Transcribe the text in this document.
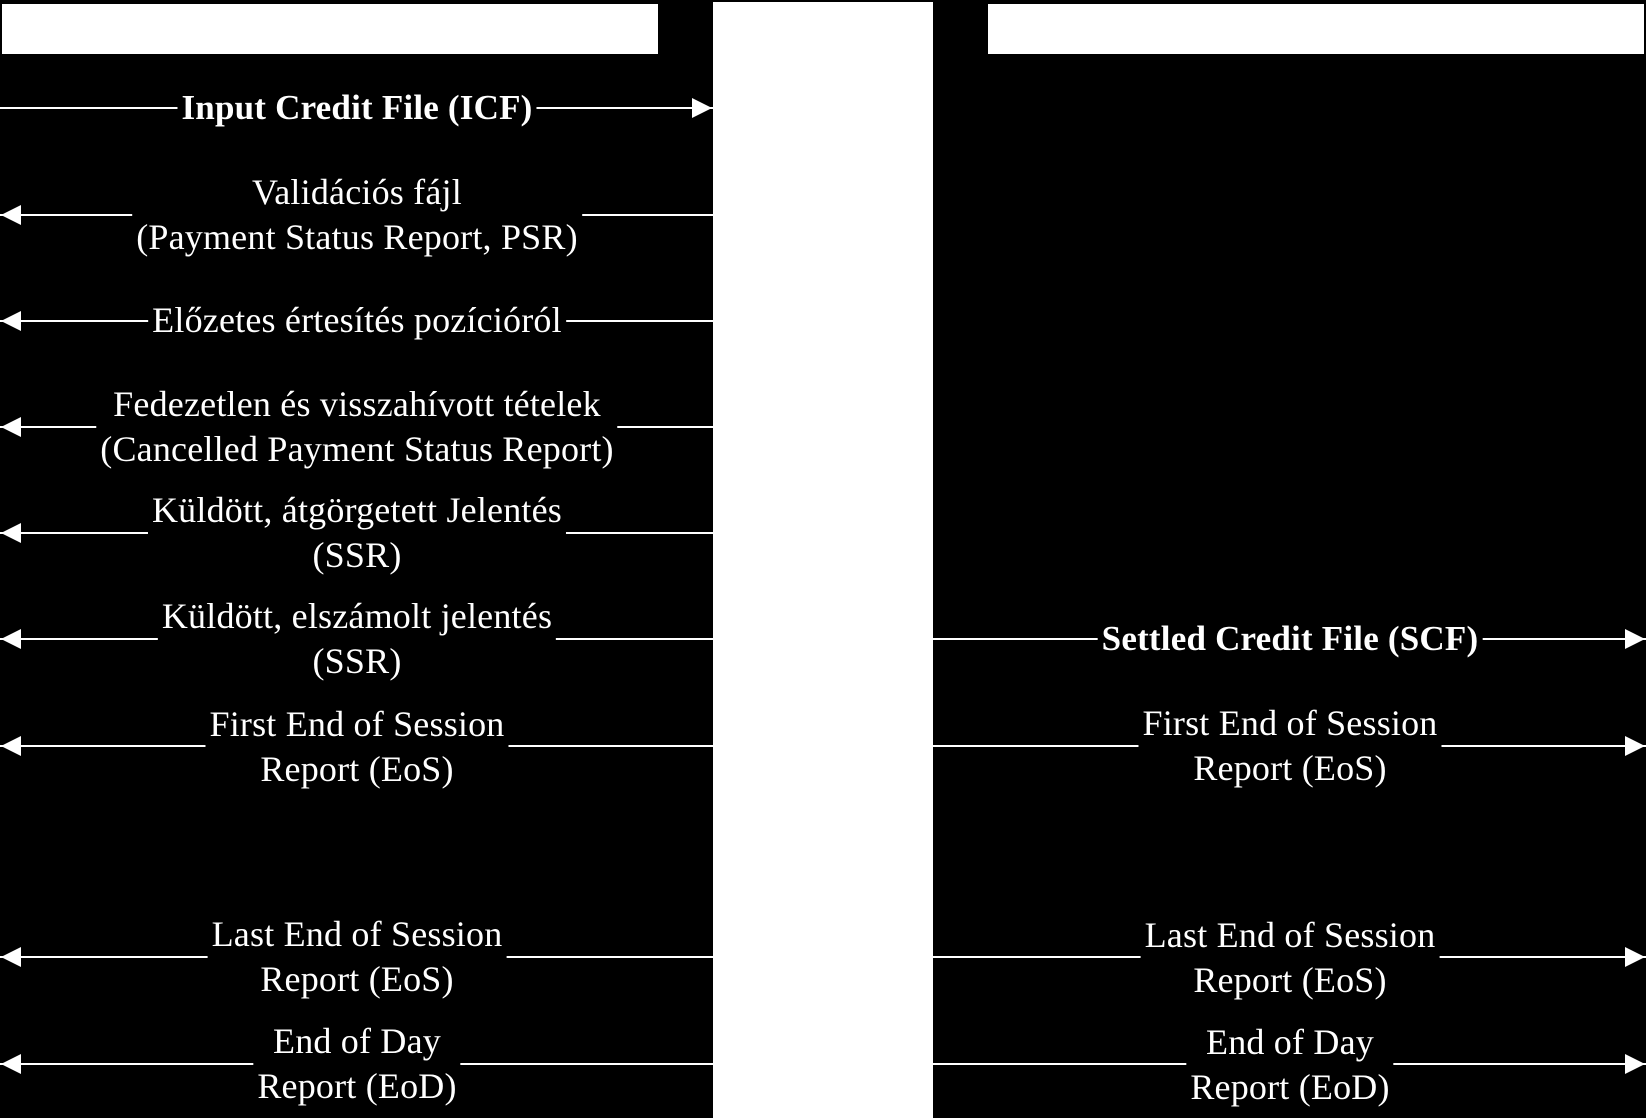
Input Credit File (ICF)
Validációs fájl
(Payment Status Report, PSR)
Előzetes értesítés pozícióról
Fedezetlen és visszahívott tételek
(Cancelled Payment Status Report)
Küldött, átgörgetett Jelentés
(SSR)
Küldött, elszámolt jelentés
(SSR)
First End of Session
Report (EoS)
Last End of Session
Report (EoS)
End of Day
Report (EoD)
Settled Credit File (SCF)
First End of Session
Report (EoS)
Last End of Session
Report (EoS)
End of Day
Report (EoD)
